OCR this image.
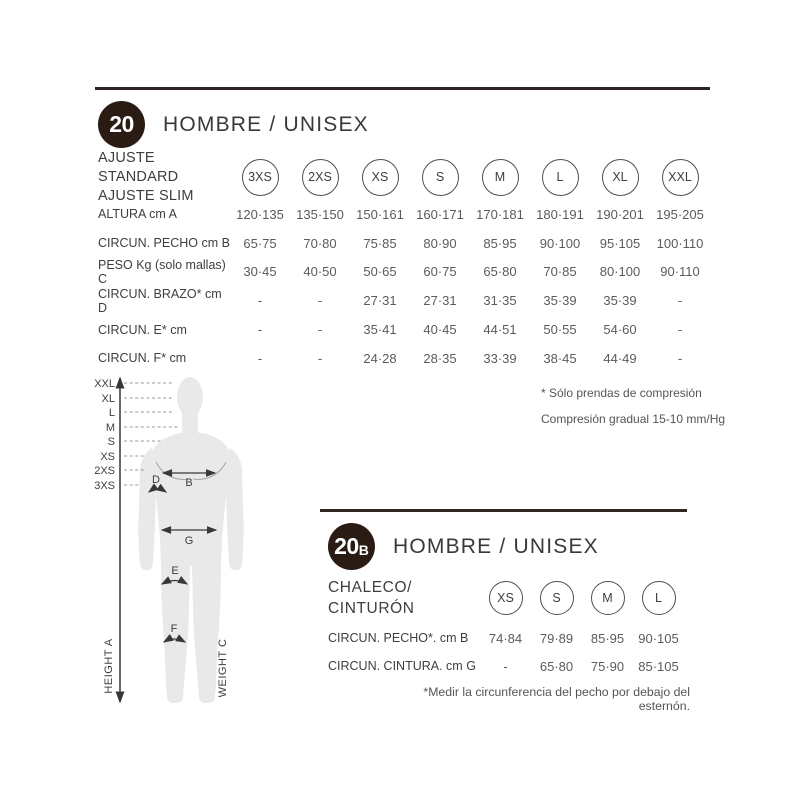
20 HOMBRE / UNISEX
AJUSTE STANDARD
AJUSTE SLIM
3XS	2XS	XS	S	M	L	XL	XXL
ALTURA cm A	120·135 135·150 150·161 160·171 170·181 180·191 190·201 195·205
CIRCUN. PECHO cm B	65·75	70·80	75·85	80·90	85·95	90·100	95·105	100·110
PESO Kg (solo mallas) C	30·45	40·50	50·65	60·75	65·80	70·85	80·100	90·110
CIRCUN. BRAZO* cm D	-	-	27·31	27·31	31·35	35·39	35·39	-
CIRCUN. E* cm	-	-	35·41	40·45	44·51	50·55	54·60	-
CIRCUN. F* cm	-	-	24·28	28·35	33·39	38·45	44·49	-
* Sólo prendas de compresión
Compresión gradual 15-10 mm/Hg
XXL
XL
L
M
S
XS
2XS
3XS	B
D
G
E
F
HEIGHT A	WEIGHT C
20 B HOMBRE / UNISEX
CHALECO/
CINTURÓN
XS	S	M	L
CIRCUN. PECHO*. cm B	74·84	79·89	85·95	90·105
CIRCUN. CINTURA. cm G	-	65·80	75·90	85·105
*Medir la circunferencia del pecho por debajo del esternón.
